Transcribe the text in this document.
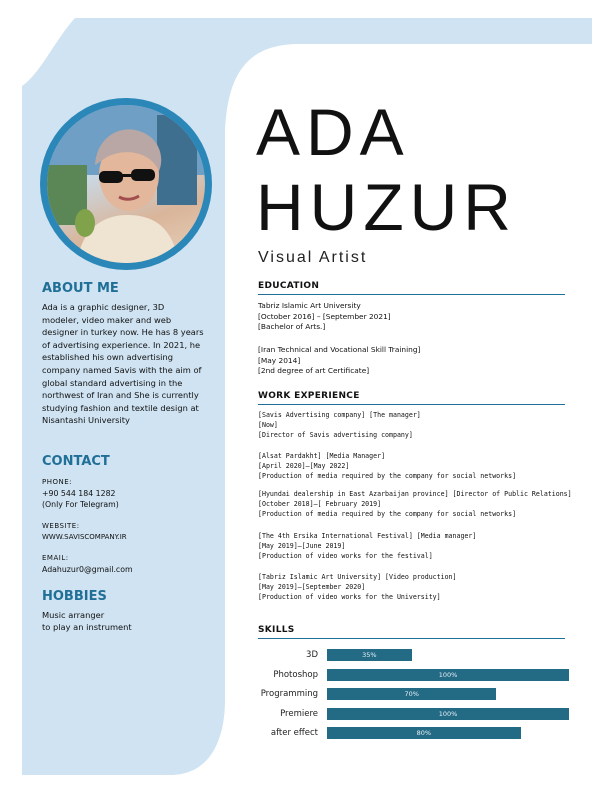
ABOUT ME
Ada is a graphic designer, 3D
modeler, video maker and web
designer in turkey now. He has 8 years
of advertising experience. In 2021, he
established his own advertising
company named Savis with the aim of
global standard advertising in the
northwest of Iran and She is currently
studying fashion and textile design at
Nisantashi University
CONTACT
PHONE:
+90 544 184 1282
(Only For Telegram)
WEBSITE:
WWW.SAVISCOMPANY.IR
EMAIL:
Adahuzur0@gmail.com
HOBBIES
Music arranger
to play an instrument
ADA
HUZUR
Visual Artist
EDUCATION
Tabriz Islamic Art University
[October 2016] – [September 2021]
[Bachelor of Arts.]
[Iran Technical and Vocational Skill Training]
[May 2014]
[2nd degree of art Certificate]
WORK EXPERIENCE
[Savis Advertising company] [The manager]
[Now]
[Director of Savis advertising company]
[Alsat Pardakht] [Media Manager]
[April 2020]–[May 2022]
[Production of media required by the company for social networks]
[Hyundai dealership in East Azarbaijan province] [Director of Public Relations]
[October 2018]–[ February 2019]
[Production of media required by the company for social networks]
[The 4th Ersika International Festival] [Media manager]
[May 2019]–[June 2019]
[Production of video works for the festival]
[Tabriz Islamic Art University] [Video production]
[May 2019]–[September 2020]
[Production of video works for the University]
SKILLS
3D	35%
Photoshop	100%
Programming	70%
Premiere	100%
after effect	80%
